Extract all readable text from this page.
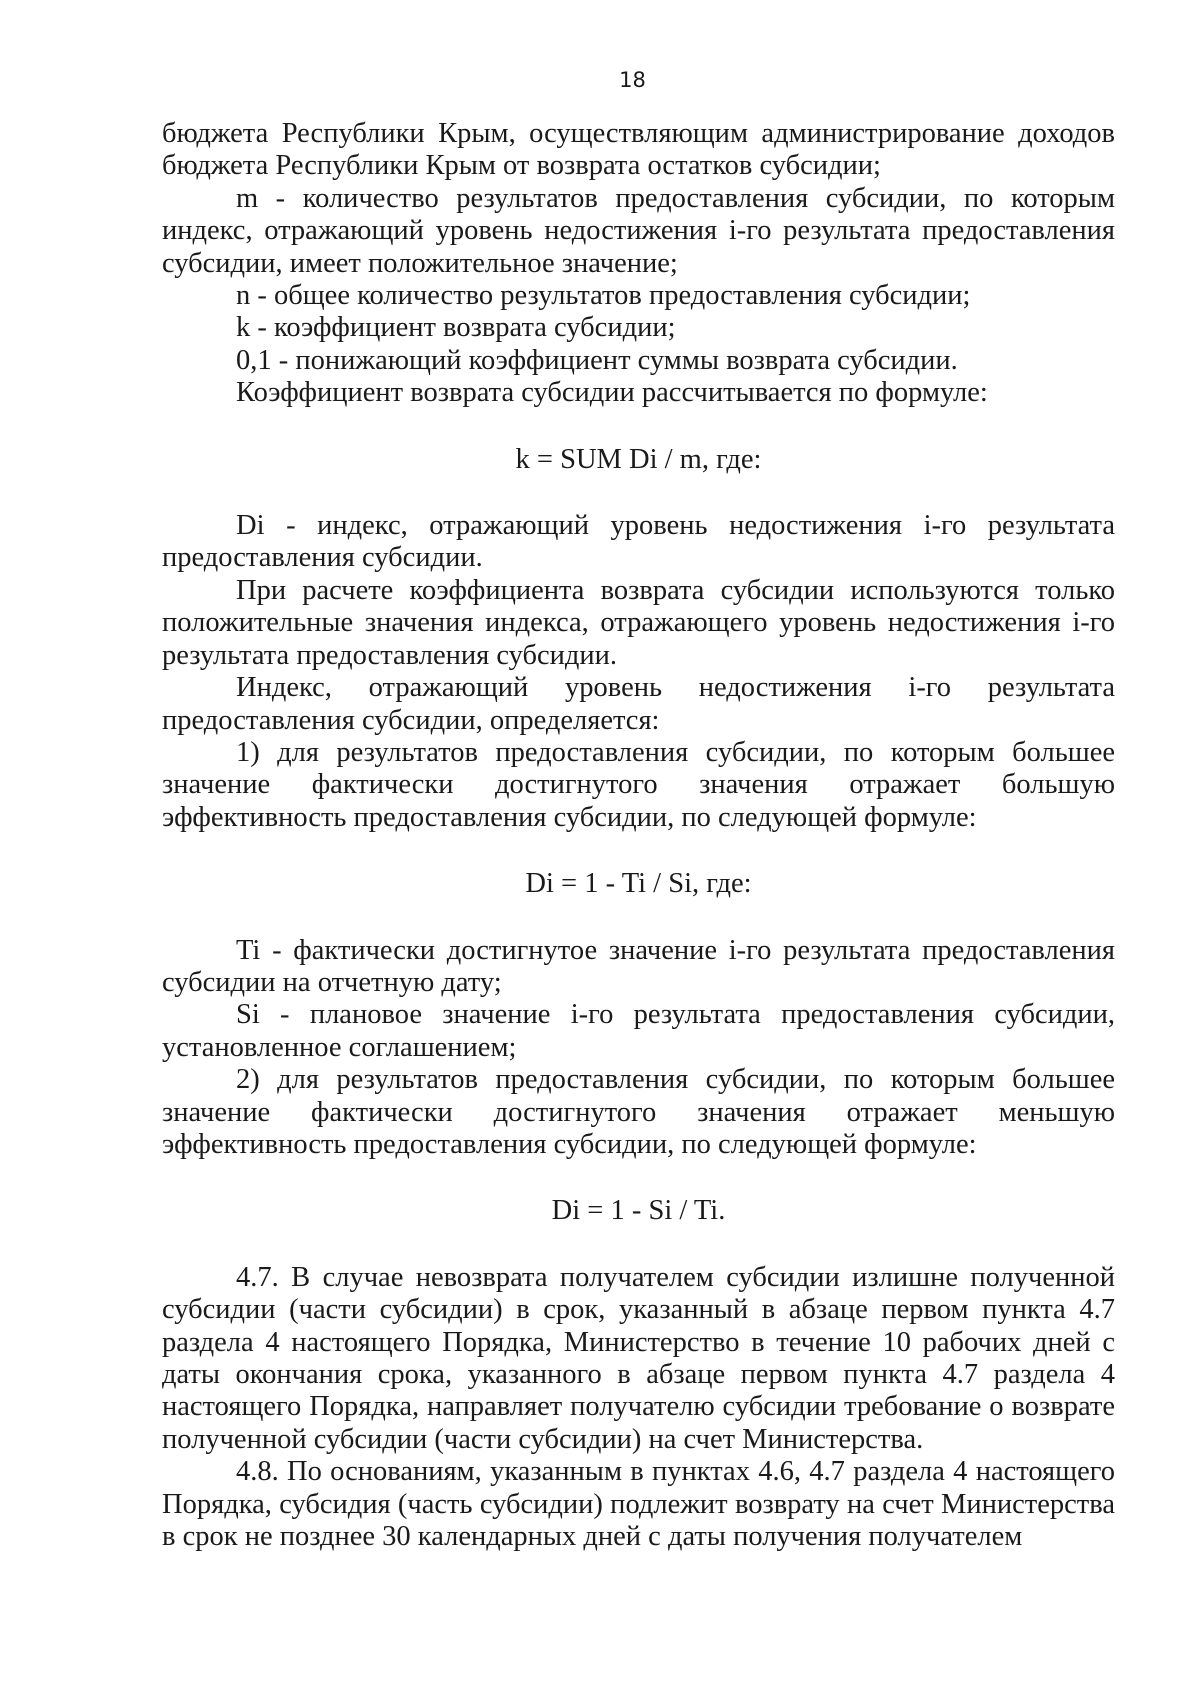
18

бюджета Республики Крым, осуществляющим администрирование доходов бюджета Республики Крым от возврата остатков субсидии;

m - количество результатов предоставления субсидии, по которым индекс, отражающий уровень недостижения i-го результата предоставления субсидии, имеет положительное значение;

n - общее количество результатов предоставления субсидии;

k - коэффициент возврата субсидии;

0,1 - понижающий коэффициент суммы возврата субсидии.

Коэффициент возврата субсидии рассчитывается по формуле:

k = SUM Di / m, где:

Di - индекс, отражающий уровень недостижения i-го результата предоставления субсидии.

При расчете коэффициента возврата субсидии используются только положительные значения индекса, отражающего уровень недостижения i-го результата предоставления субсидии.

Индекс, отражающий уровень недостижения i-го результата предоставления субсидии, определяется:

1) для результатов предоставления субсидии, по которым большее значение фактически достигнутого значения отражает большую эффективность предоставления субсидии, по следующей формуле:

Di = 1 - Ti / Si, где:

Ti - фактически достигнутое значение i-го результата предоставления субсидии на отчетную дату;

Si - плановое значение i-го результата предоставления субсидии, установленное соглашением;

2) для результатов предоставления субсидии, по которым большее значение фактически достигнутого значения отражает меньшую эффективность предоставления субсидии, по следующей формуле:

Di = 1 - Si / Ti.

4.7. В случае невозврата получателем субсидии излишне полученной субсидии (части субсидии) в срок, указанный в абзаце первом пункта 4.7 раздела 4 настоящего Порядка, Министерство в течение 10 рабочих дней с даты окончания срока, указанного в абзаце первом пункта 4.7 раздела 4 настоящего Порядка, направляет получателю субсидии требование о возврате полученной субсидии (части субсидии) на счет Министерства.

4.8. По основаниям, указанным в пунктах 4.6, 4.7 раздела 4 настоящего Порядка, субсидия (часть субсидии) подлежит возврату на счет Министерства в срок не позднее 30 календарных дней с даты получения получателем
